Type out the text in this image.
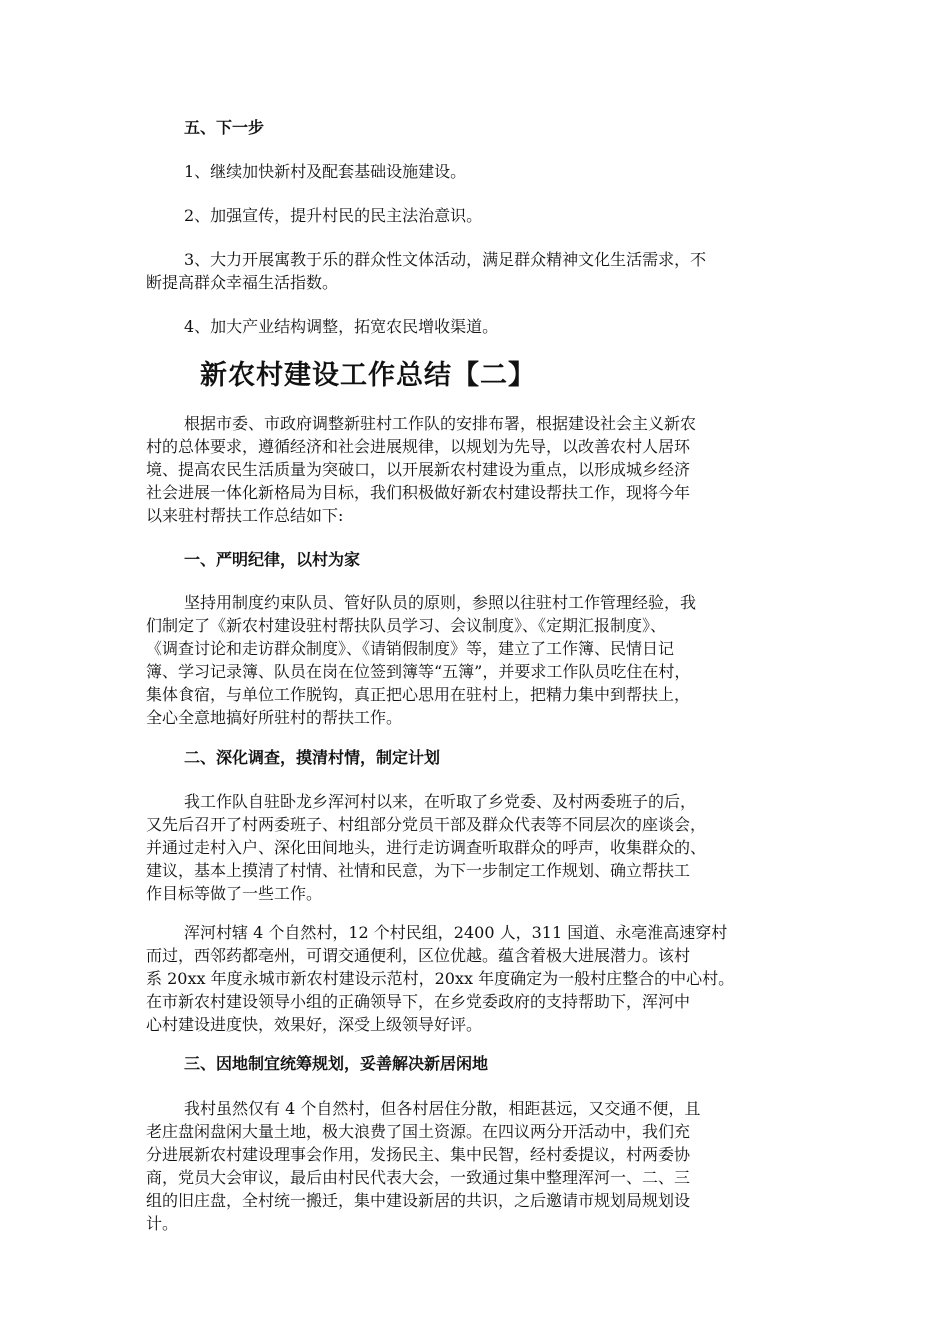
五、下一步
1、继续加快新村及配套基础设施建设。
2、加强宣传，提升村民的民主法治意识。
3、大力开展寓教于乐的群众性文体活动，满足群众精神文化生活需求，不
断提高群众幸福生活指数。
4、加大产业结构调整，拓宽农民增收渠道。
新农村建设工作总结【二】
根据市委、市政府调整新驻村工作队的安排布署，根据建设社会主义新农
村的总体要求，遵循经济和社会进展规律，以规划为先导，以改善农村人居环
境、提高农民生活质量为突破口，以开展新农村建设为重点，以形成城乡经济
社会进展一体化新格局为目标，我们积极做好新农村建设帮扶工作，现将今年
以来驻村帮扶工作总结如下:
一、严明纪律，以村为家
坚持用制度约束队员、管好队员的原则，参照以往驻村工作管理经验，我
们制定了《新农村建设驻村帮扶队员学习、会议制度》、《定期汇报制度》、
《调查讨论和走访群众制度》、《请销假制度》等，建立了工作簿、民情日记
簿、学习记录簿、队员在岗在位签到簿等“五簿”，并要求工作队员吃住在村，
集体食宿，与单位工作脱钩，真正把心思用在驻村上，把精力集中到帮扶上，
全心全意地搞好所驻村的帮扶工作。
二、深化调查，摸清村情，制定计划
我工作队自驻卧龙乡浑河村以来，在听取了乡党委、及村两委班子的后，
又先后召开了村两委班子、村组部分党员干部及群众代表等不同层次的座谈会，
并通过走村入户、深化田间地头，进行走访调查听取群众的呼声，收集群众的、
建议，基本上摸清了村情、社情和民意，为下一步制定工作规划、确立帮扶工
作目标等做了一些工作。
浑河村辖 4 个自然村，12 个村民组，2400 人，311 国道、永亳淮高速穿村
而过，西邻药都亳州，可谓交通便利，区位优越。蕴含着极大进展潜力。该村
系 20xx 年度永城市新农村建设示范村，20xx 年度确定为一般村庄整合的中心村。
在市新农村建设领导小组的正确领导下，在乡党委政府的支持帮助下，浑河中
心村建设进度快，效果好，深受上级领导好评。
三、因地制宜统筹规划，妥善解决新居闲地
我村虽然仅有 4 个自然村，但各村居住分散，相距甚远，又交通不便，且
老庄盘闲盘闲大量土地，极大浪费了国土资源。在四议两分开活动中，我们充
分进展新农村建设理事会作用，发扬民主、集中民智，经村委提议，村两委协
商，党员大会审议，最后由村民代表大会，一致通过集中整理浑河一、二、三
组的旧庄盘，全村统一搬迁，集中建设新居的共识，之后邀请市规划局规划设
计。
